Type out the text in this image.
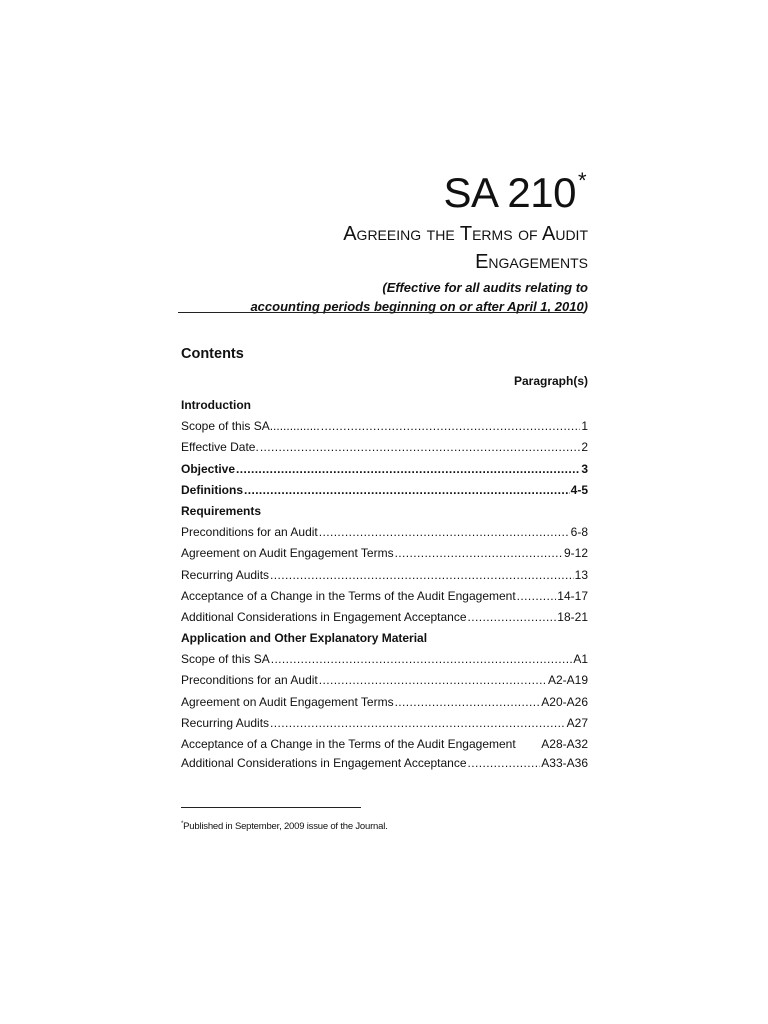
SA 210*
Agreeing the Terms of Audit
Engagements
(Effective for all audits relating to
accounting periods beginning on or after April 1, 2010)
Contents
Paragraph(s)
Introduction
Scope of this SA............... .....	1
Effective Date. .....	2
Objective .....	3
Definitions .....	4-5
Requirements
Preconditions for an Audit .....	6-8
Agreement on Audit Engagement Terms .....	9-12
Recurring Audits .....	13
Acceptance of a Change in the Terms of the Audit Engagement .....	14-17
Additional Considerations in Engagement Acceptance .....	18-21
Application and Other Explanatory Material
Scope of this SA .....	A1
Preconditions for an Audit .....	A2-A19
Agreement on Audit Engagement Terms .....	A20-A26
Recurring Audits .....	A27
Acceptance of a Change in the Terms of the Audit Engagement A28-A32
Additional Considerations in Engagement Acceptance .....	A33-A36
*Published in September, 2009 issue of the Journal.
